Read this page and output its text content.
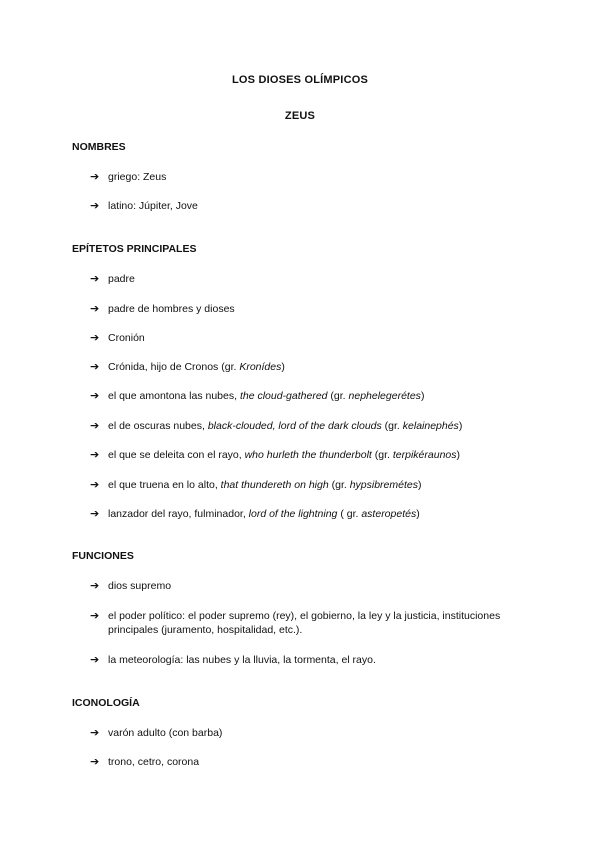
LOS DIOSES OLÍMPICOS
ZEUS
NOMBRES
➔ griego: Zeus
➔ latino: Júpiter, Jove
EPÍTETOS PRINCIPALES
➔ padre
➔ padre de hombres y dioses
➔ Cronión
➔ Crónida, hijo de Cronos (gr. Kronídes)
➔ el que amontona las nubes, the cloud-gathered (gr. nephelegerétes)
➔ el de oscuras nubes, black-clouded, lord of the dark clouds (gr. kelainephés)
➔ el que se deleita con el rayo, who hurleth the thunderbolt (gr. terpikéraunos)
➔ el que truena en lo alto, that thundereth on high (gr. hypsibremétes)
➔ lanzador del rayo, fulminador, lord of the lightning ( gr. asteropetés)
FUNCIONES
➔ dios supremo
➔ el poder político: el poder supremo (rey), el gobierno, la ley y la justicia, instituciones principales (juramento, hospitalidad, etc.).
➔ la meteorología: las nubes y la lluvia, la tormenta, el rayo.
ICONOLOGÍA
➔ varón adulto (con barba)
➔ trono, cetro, corona
